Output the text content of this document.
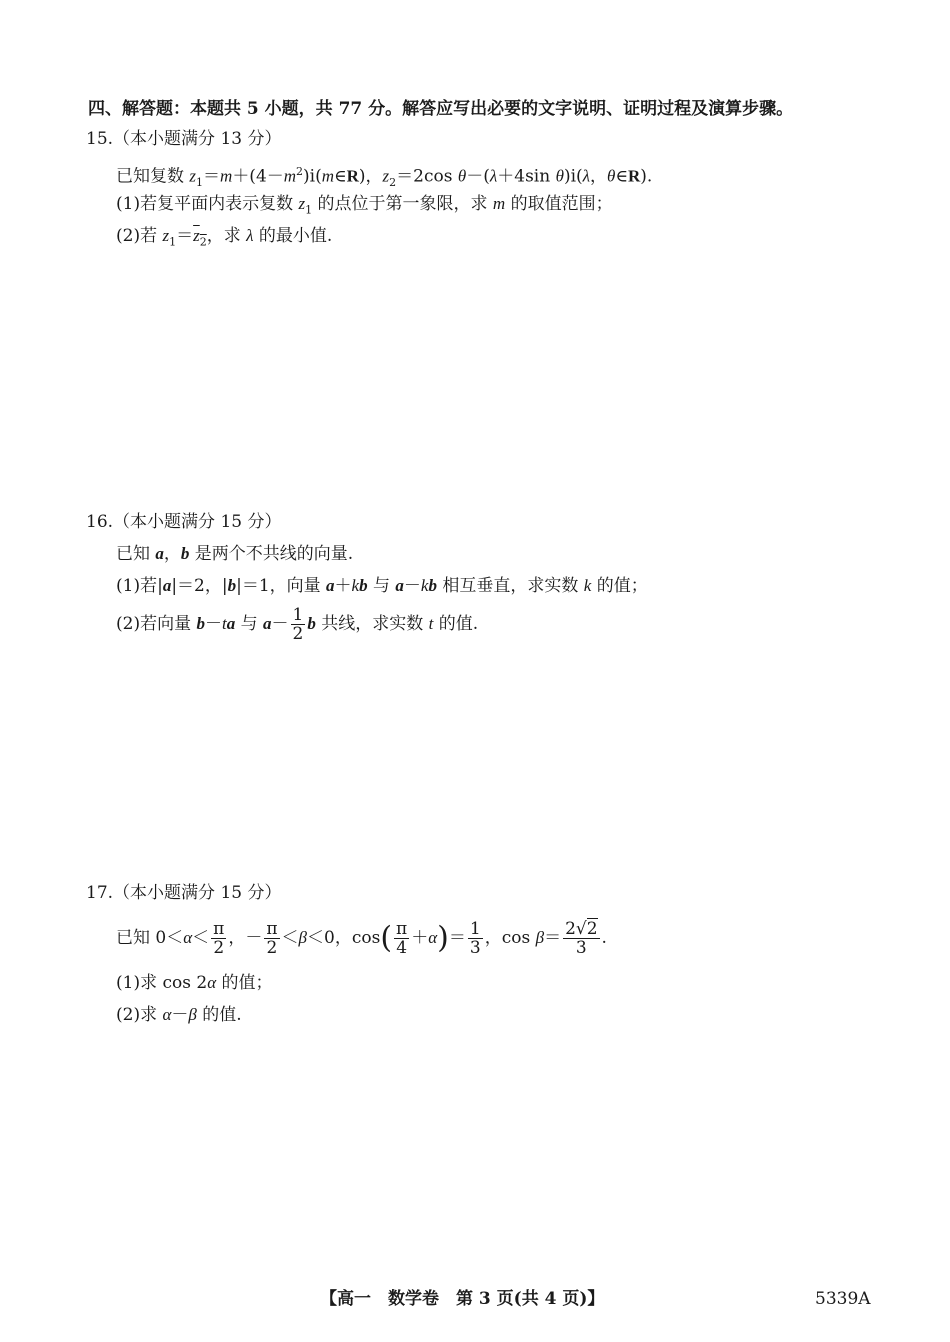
四、解答题：本题共 5 小题，共 77 分。解答应写出必要的文字说明、证明过程及演算步骤。
15.（本小题满分 13 分）
已知复数 $z_1=m+(4-m^2)i(m\in R)$，$z_2=2\cos$ θ－(λ＋4sin θ)i(λ，θ∈R).
(1)若复平面内表示复数 $z_1$ 的点位于第一象限，求 m 的取值范围；
(2)若 $z_1=z_2$，求 λ 的最小值.
16.（本小题满分 15 分）
已知 a，b 是两个不共线的向量.
(1)若|a|＝2，|b|＝1，向量 a＋kb 与 a－kb 相互垂直，求实数 k 的值；
(2)若向量 b－ta 与 $a- \frac{1}{2}$ b 共线，求实数 t 的值.
17.（本小题满分 15 分）
已知 $0<\alpha< \frac{\pi}{2}$ ，－ $\frac{\pi}{2} <\beta<0$，$\cos( \frac{\pi}{4} +\alpha)= \frac{1}{3}$ ，$\cos \beta= \frac{2√2}{3}$ .
(1)求 cos 2α 的值；
(2)求 α－β 的值.
【高一　数学卷　第 3 页(共 4 页)】	5339A
